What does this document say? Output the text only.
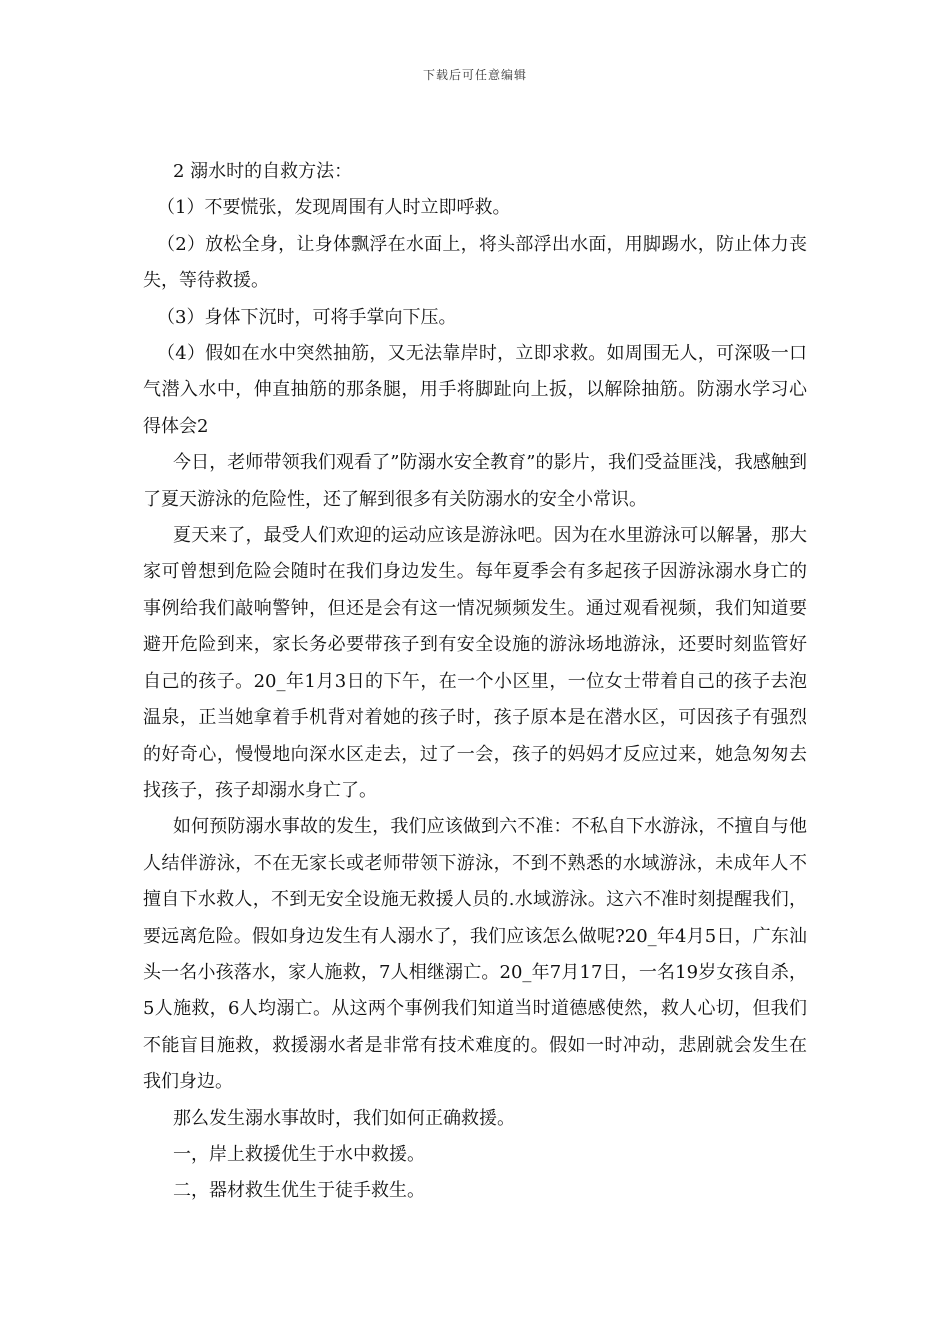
下载后可任意编辑

2 溺水时的自救方法：

（1）不要慌张，发现周围有人时立即呼救。

（2）放松全身，让身体飘浮在水面上，将头部浮出水面，用脚踢水，防止体力丧失，等待救援。

（3）身体下沉时，可将手掌向下压。

（4）假如在水中突然抽筋，又无法靠岸时，立即求救。如周围无人，可深吸一口气潜入水中，伸直抽筋的那条腿，用手将脚趾向上扳，以解除抽筋。防溺水学习心得体会2

今日，老师带领我们观看了”防溺水安全教育”的影片，我们受益匪浅，我感触到了夏天游泳的危险性，还了解到很多有关防溺水的安全小常识。

夏天来了，最受人们欢迎的运动应该是游泳吧。因为在水里游泳可以解暑，那大家可曾想到危险会随时在我们身边发生。每年夏季会有多起孩子因游泳溺水身亡的事例给我们敲响警钟，但还是会有这一情况频频发生。通过观看视频，我们知道要避开危险到来，家长务必要带孩子到有安全设施的游泳场地游泳，还要时刻监管好自己的孩子。20_年1月3日的下午，在一个小区里，一位女士带着自己的孩子去泡温泉，正当她拿着手机背对着她的孩子时，孩子原本是在潜水区，可因孩子有强烈的好奇心，慢慢地向深水区走去，过了一会，孩子的妈妈才反应过来，她急匆匆去找孩子，孩子却溺水身亡了。

如何预防溺水事故的发生，我们应该做到六不准：不私自下水游泳，不擅自与他人结伴游泳，不在无家长或老师带领下游泳，不到不熟悉的水域游泳，未成年人不擅自下水救人，不到无安全设施无救援人员的.水域游泳。这六不准时刻提醒我们，要远离危险。假如身边发生有人溺水了，我们应该怎么做呢?20_年4月5日，广东汕头一名小孩落水，家人施救，7人相继溺亡。20_年7月17日，一名19岁女孩自杀，5人施救，6人均溺亡。从这两个事例我们知道当时道德感使然，救人心切，但我们不能盲目施救，救援溺水者是非常有技术难度的。假如一时冲动，悲剧就会发生在我们身边。

那么发生溺水事故时，我们如何正确救援。

一，岸上救援优生于水中救援。

二，器材救生优生于徒手救生。
